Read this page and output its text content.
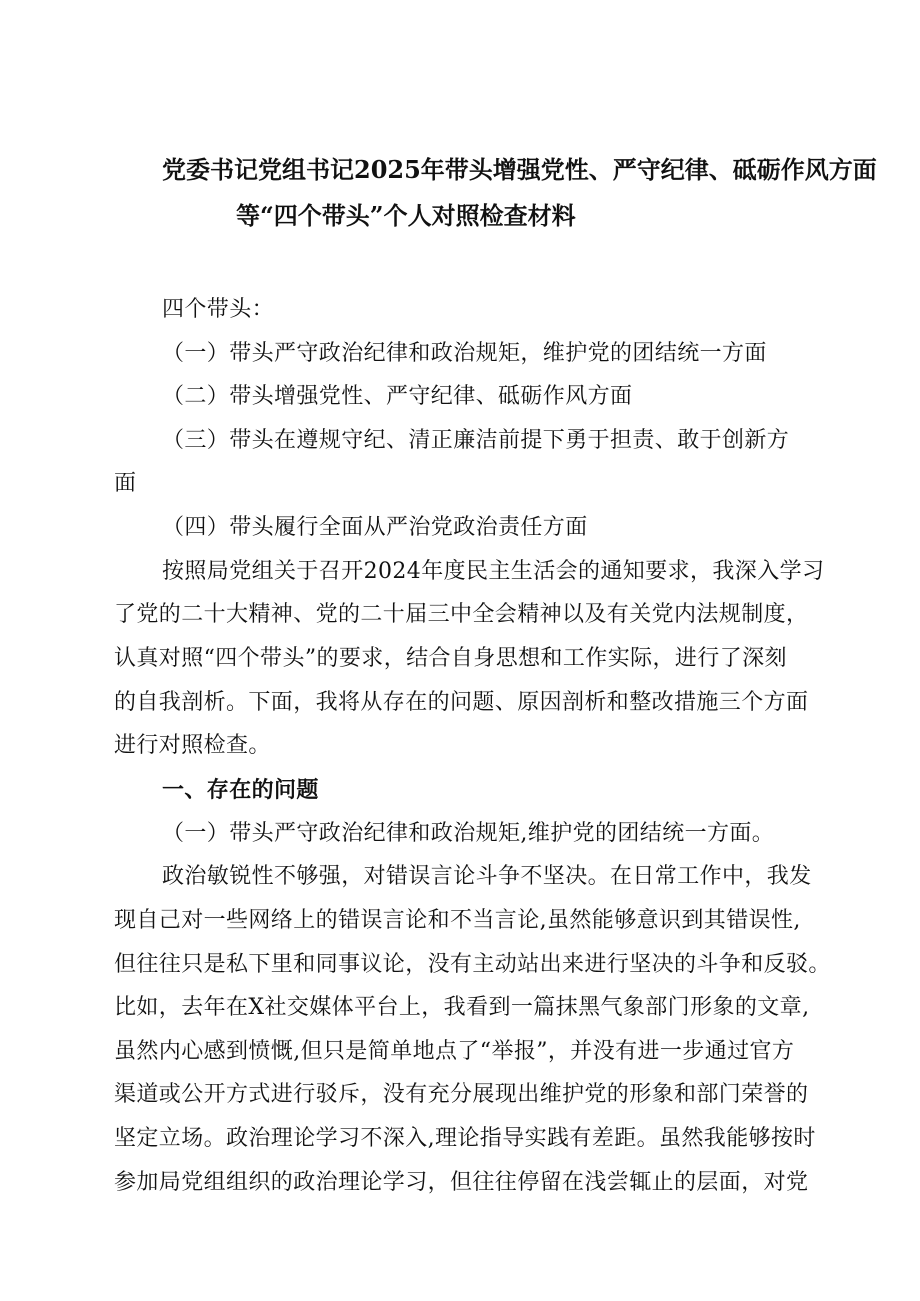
党委书记党组书记2025年带头增强党性、严守纪律、砥砺作风方面
等“四个带头”个人对照检查材料
四个带头：
（一）带头严守政治纪律和政治规矩，维护党的团结统一方面
（二）带头增强党性、严守纪律、砥砺作风方面
（三）带头在遵规守纪、清正廉洁前提下勇于担责、敢于创新方
面
（四）带头履行全面从严治党政治责任方面
按照局党组关于召开2024年度民主生活会的通知要求，我深入学习
了党的二十大精神、党的二十届三中全会精神以及有关党内法规制度，
认真对照“四个带头”的要求，结合自身思想和工作实际，进行了深刻
的自我剖析。下面，我将从存在的问题、原因剖析和整改措施三个方面
进行对照检查。
一、存在的问题
（一）带头严守政治纪律和政治规矩,维护党的团结统一方面。
政治敏锐性不够强，对错误言论斗争不坚决。在日常工作中，我发
现自己对一些网络上的错误言论和不当言论,虽然能够意识到其错误性,
但往往只是私下里和同事议论，没有主动站出来进行坚决的斗争和反驳。
比如，去年在X社交媒体平台上，我看到一篇抹黑气象部门形象的文章,
虽然内心感到愤慨,但只是简单地点了“举报”，并没有进一步通过官方
渠道或公开方式进行驳斥，没有充分展现出维护党的形象和部门荣誉的
坚定立场。政治理论学习不深入,理论指导实践有差距。虽然我能够按时
参加局党组组织的政治理论学习，但往往停留在浅尝辄止的层面，对党
